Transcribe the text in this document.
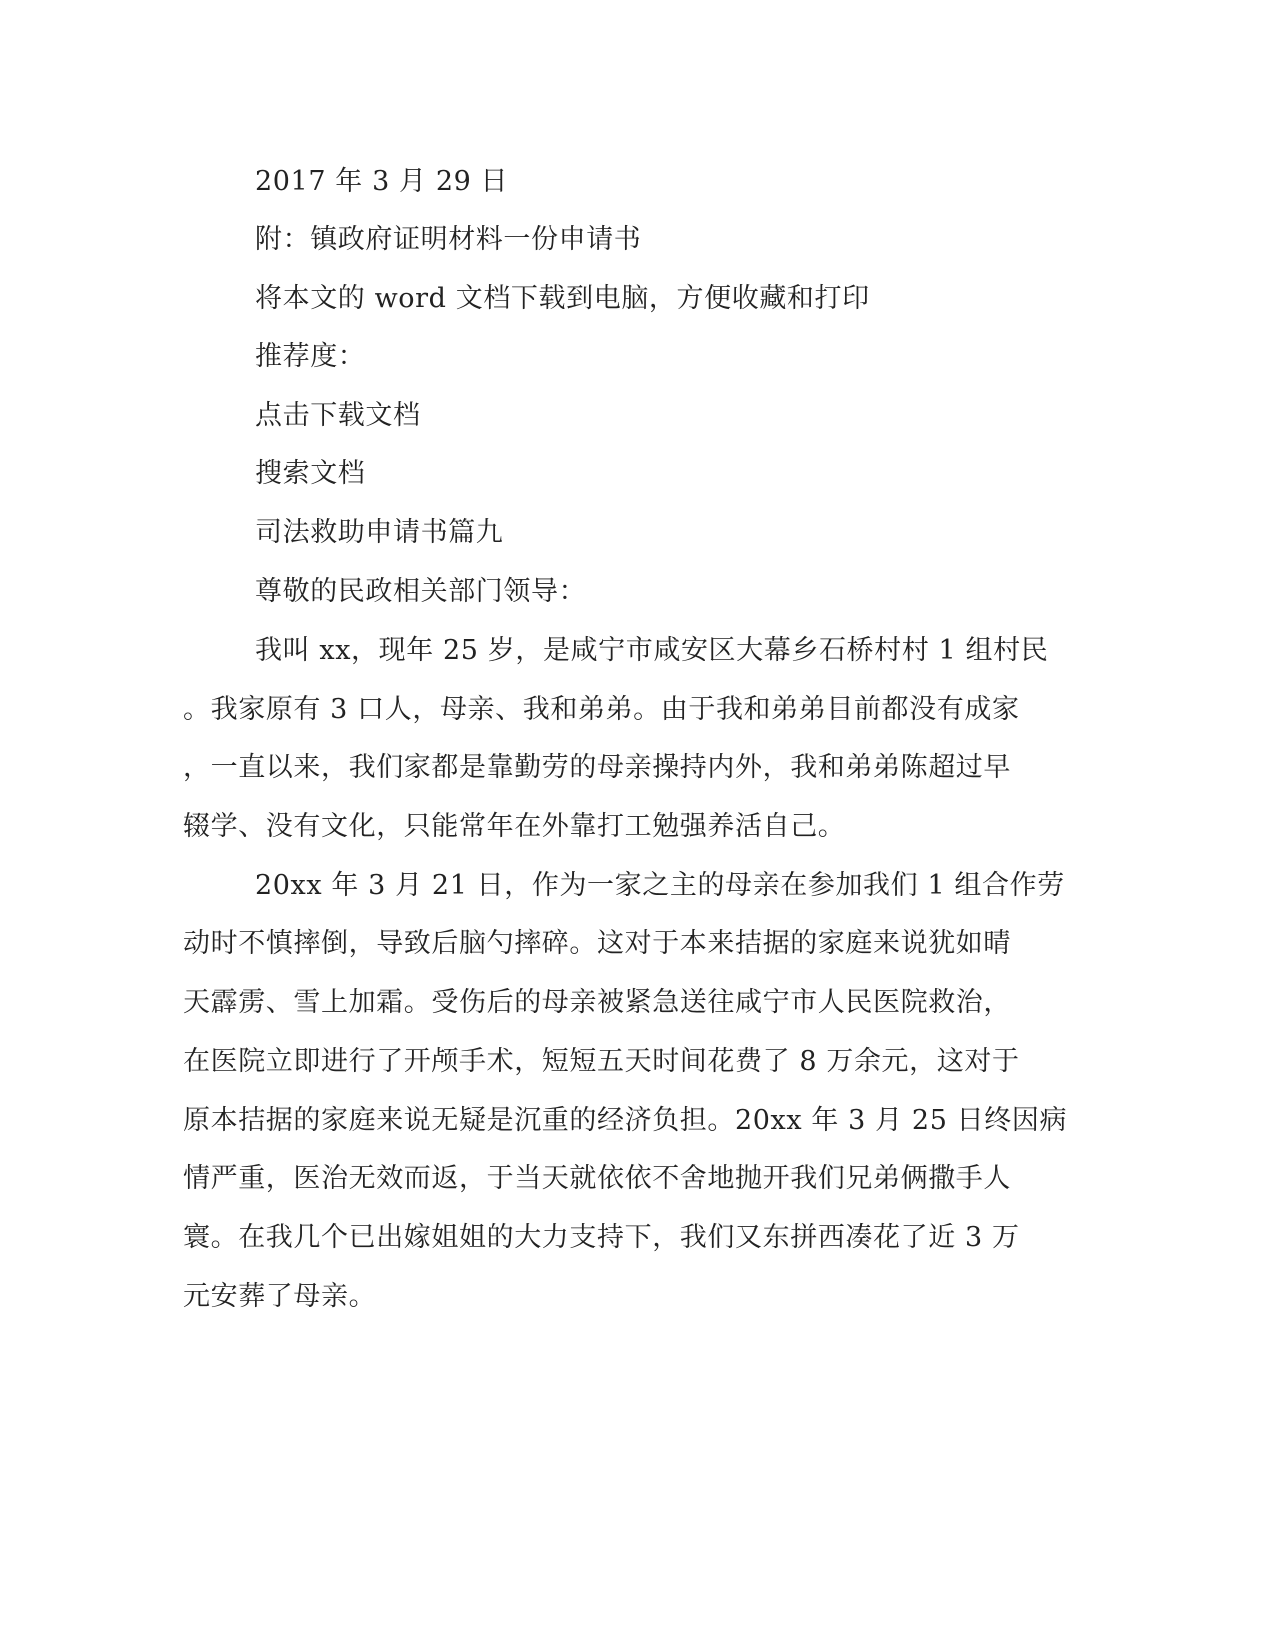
2017 年 3 月 29 日
附：镇政府证明材料一份申请书
将本文的 word 文档下载到电脑，方便收藏和打印
推荐度：
点击下载文档
搜索文档
司法救助申请书篇九
尊敬的民政相关部门领导：
我叫 xx，现年 25 岁，是咸宁市咸安区大幕乡石桥村村 1 组村民
。我家原有 3 口人，母亲、我和弟弟。由于我和弟弟目前都没有成家
，一直以来，我们家都是靠勤劳的母亲操持内外，我和弟弟陈超过早
辍学、没有文化，只能常年在外靠打工勉强养活自己。
20xx 年 3 月 21 日，作为一家之主的母亲在参加我们 1 组合作劳
动时不慎摔倒，导致后脑勺摔碎。这对于本来拮据的家庭来说犹如晴
天霹雳、雪上加霜。受伤后的母亲被紧急送往咸宁市人民医院救治，
在医院立即进行了开颅手术，短短五天时间花费了 8 万余元，这对于
原本拮据的家庭来说无疑是沉重的经济负担。20xx 年 3 月 25 日终因病
情严重，医治无效而返，于当天就依依不舍地抛开我们兄弟俩撒手人
寰。在我几个已出嫁姐姐的大力支持下，我们又东拼西凑花了近 3 万
元安葬了母亲。
